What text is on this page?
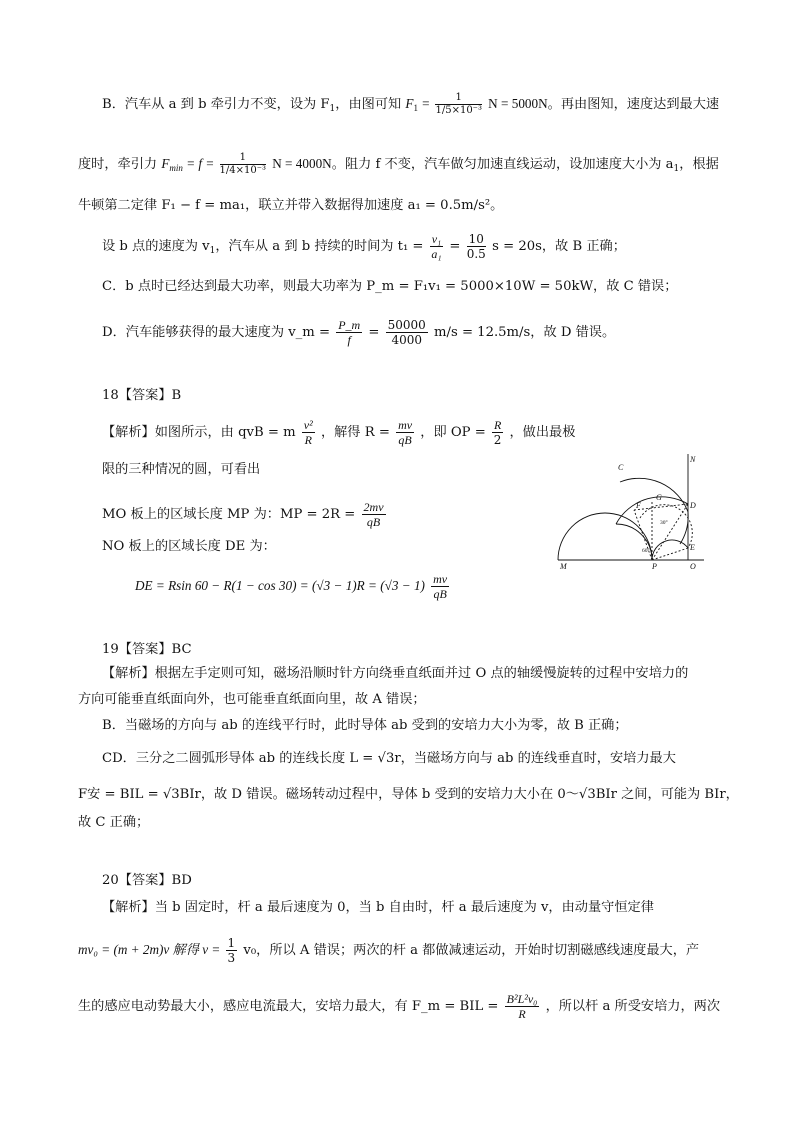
B．汽车从 a 到 b 牵引力不变，设为 $F_1$，由图可知 $F_1 = \frac{1}{\text{1/5×10⁻³}}$ N = 5000N。再由图知，速度达到最大速
度时，牵引力 $F_{min} = f = \frac{1}{\text{1/4×10⁻³}}$ N = 4000N。阻力 f 不变，汽车做匀加速直线运动，设加速度大小为 $a_1$，根据
牛顿第二定律 F₁ − f = ma₁，联立并带入数据得加速度 a₁ = 0.5m/s²。
设 b 点的速度为 $v_1$，汽车从 a 到 b 持续的时间为 $t_1 = \frac{\text{v₁}}{\text{a₁}} = \frac{10}{0.5}$ s = 20s，故 B 正确；
C．b 点时已经达到最大功率，则最大功率为 P_m = F₁v₁ = 5000×10W = 50kW，故 C 错误；
D．汽车能够获得的最大速度为 v_m = $\frac{P\_m}{f} = \frac{50000}{4000} m/s = 12.5m/s$，故 D 错误。
18【答案】B
【解析】如图所示，由 qvB = m $\frac{\text{v²}}{R}$ ，解得 $R = \frac{mv}{qB}$ ，即 OP = $\frac{R}{2}$ ，做出最极
限的三种情况的圆，可看出
MO 板上的区域长度 MP 为：MP = $2R = \frac{2mv}{qB}$
NO 板上的区域长度 DE 为：
DE = Rsin $60 - R(1 - \cos 30) = (√3 - 1)R = (√3 - 1) \frac{mv}{qB}$
C
N
G
F	D
E
M	P	O
30°
60°
19【答案】BC
【解析】根据左手定则可知，磁场沿顺时针方向绕垂直纸面并过 O 点的轴缓慢旋转的过程中安培力的
方向可能垂直纸面向外，也可能垂直纸面向里，故 A 错误；
B．当磁场的方向与 ab 的连线平行时，此时导体 ab 受到的安培力大小为零，故 B 正确；
CD．三分之二圆弧形导体 ab 的连线长度 L = √3r，当磁场方向与 ab 的连线垂直时，安培力最大
F安 = BIL = √3BIr，故 D 错误。磁场转动过程中，导体 b 受到的安培力大小在 0～√3BIr 之间，可能为 BIr，
故 C 正确；
20【答案】BD
【解析】当 b 固定时，杆 a 最后速度为 0，当 b 自由时，杆 a 最后速度为 v，由动量守恒定律
mv₀ = (m + 2m)v 解得 $v = \frac{1}{3} v_0$，所以 A 错误；两次的杆 a 都做减速运动，开始时切割磁感线速度最大，产
生的感应电动势最大小，感应电流最大，安培力最大，有 F_m = BIL = $\frac{\text{B²L²v₀}}{R}$ ，所以杆 a 所受安培力，两次
